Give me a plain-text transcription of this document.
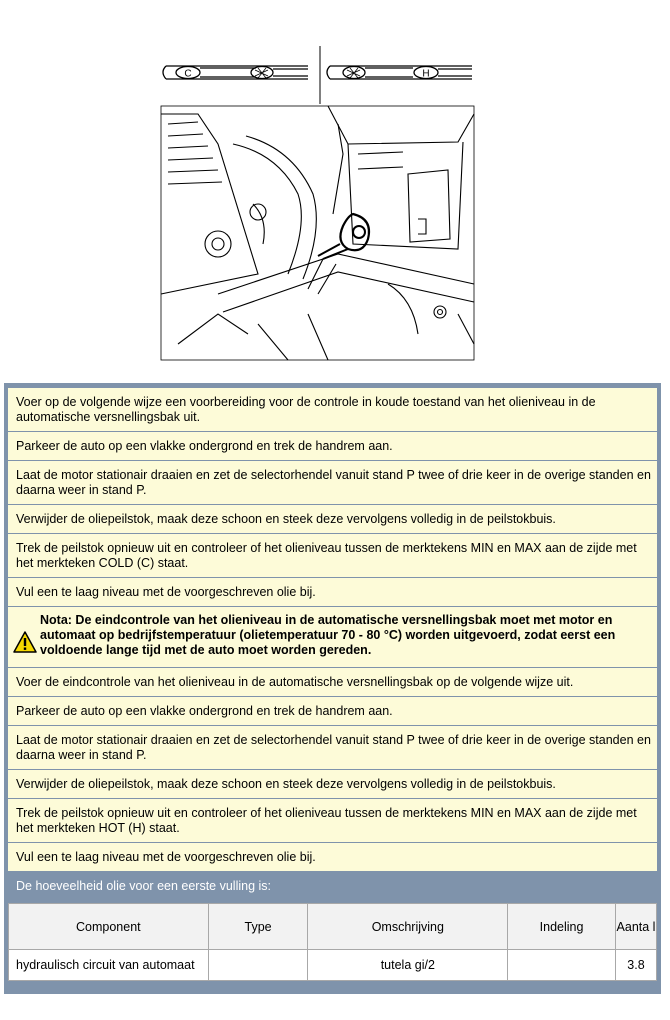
C	H
Voer op de volgende wijze een voorbereiding voor de controle in koude toestand van het olieniveau in de automatische versnellingsbak uit.
Parkeer de auto op een vlakke ondergrond en trek de handrem aan.
Laat de motor stationair draaien en zet de selectorhendel vanuit stand P twee of drie keer in de overige standen en daarna weer in stand P.
Verwijder de oliepeilstok, maak deze schoon en steek deze vervolgens volledig in de peilstokbuis.
Trek de peilstok opnieuw uit en controleer of het olieniveau tussen de merktekens MIN en MAX aan de zijde met het merkteken COLD (C) staat.
Vul een te laag niveau met de voorgeschreven olie bij.
Nota: De eindcontrole van het olieniveau in de automatische versnellingsbak moet met motor en automaat op bedrijfstemperatuur (olietemperatuur 70 - 80 °C) worden uitgevoerd, zodat eerst een voldoende lange tijd met de auto moet worden gereden.
Voer de eindcontrole van het olieniveau in de automatische versnellingsbak op de volgende wijze uit.
Parkeer de auto op een vlakke ondergrond en trek de handrem aan.
Laat de motor stationair draaien en zet de selectorhendel vanuit stand P twee of drie keer in de overige standen en daarna weer in stand P.
Verwijder de oliepeilstok, maak deze schoon en steek deze vervolgens volledig in de peilstokbuis.
Trek de peilstok opnieuw uit en controleer of het olieniveau tussen de merktekens MIN en MAX aan de zijde met het merkteken HOT (H) staat.
Vul een te laag niveau met de voorgeschreven olie bij.
De hoeveelheid olie voor een eerste vulling is:
Component	Type	Omschrijving	Indeling	Aanta l
hydraulisch circuit van automaat		tutela gi/2		3.8
